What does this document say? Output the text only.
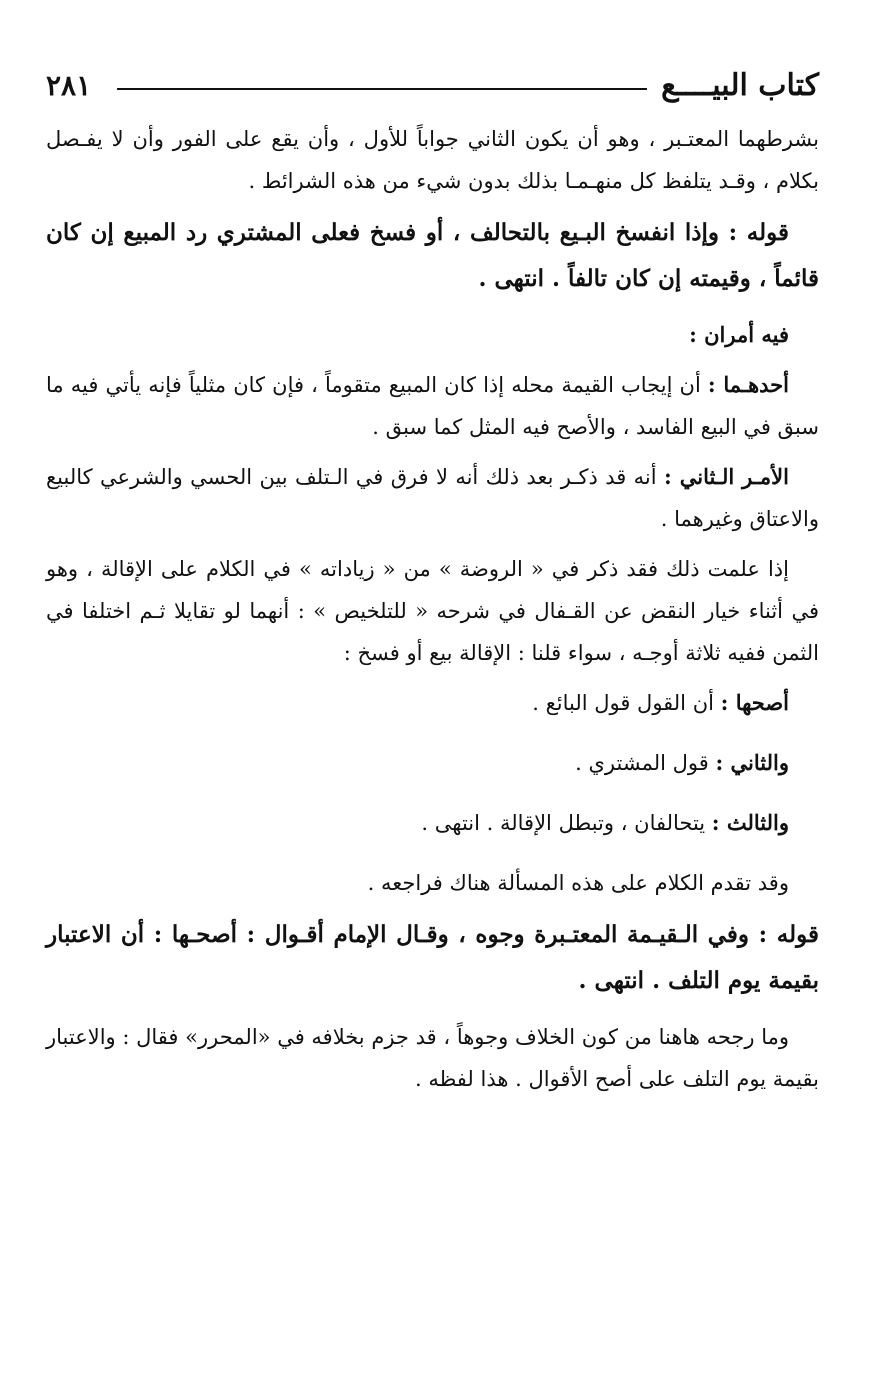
كتاب البيــــع
٢٨١

بشرطهما المعتـبر ، وهو أن يكون الثاني جواباً للأول ، وأن يقع على الفور وأن لا يفـصل بكلام ، وقـد يتلفظ كل منهـمـا بذلك بدون شيء من هذه الشرائط .

قوله : وإذا انفسخ البـيع بالتحالف ، أو فسخ فعلى المشتري رد المبيع إن كان قائماً ، وقيمته إن كان تالفاً . انتهى .

فيه أمران :

أحدهـما : أن إيجاب القيمة محله إذا كان المبيع متقوماً ، فإن كان مثلياً فإنه يأتي فيه ما سبق في البيع الفاسد ، والأصح فيه المثل كما سبق .

الأمـر الـثاني : أنه قد ذكـر بعد ذلك أنه لا فرق في الـتلف بين الحسي والشرعي كالبيع والاعتاق وغيرهما .

إذا علمت ذلك فقد ذكر في « الروضة » من « زياداته » في الكلام على الإقالة ، وهو في أثناء خيار النقض عن القـفال في شرحه « للتلخيص » : أنهما لو تقايلا ثـم اختلفا في الثمن ففيه ثلاثة أوجـه ، سواء قلنا : الإقالة بيع أو فسخ :

أصحها : أن القول قول البائع .
والثاني : قول المشتري .
والثالث : يتحالفان ، وتبطل الإقالة . انتهى .

وقد تقدم الكلام على هذه المسألة هناك فراجعه .

قوله : وفي الـقيـمة المعتـبرة وجوه ، وقـال الإمام أقـوال : أصحـها : أن الاعتبار بقيمة يوم التلف . انتهى .

وما رجحه هاهنا من كون الخلاف وجوهاً ، قد جزم بخلافه في «المحرر» فقال : والاعتبار بقيمة يوم التلف على أصح الأقوال . هذا لفظه .
